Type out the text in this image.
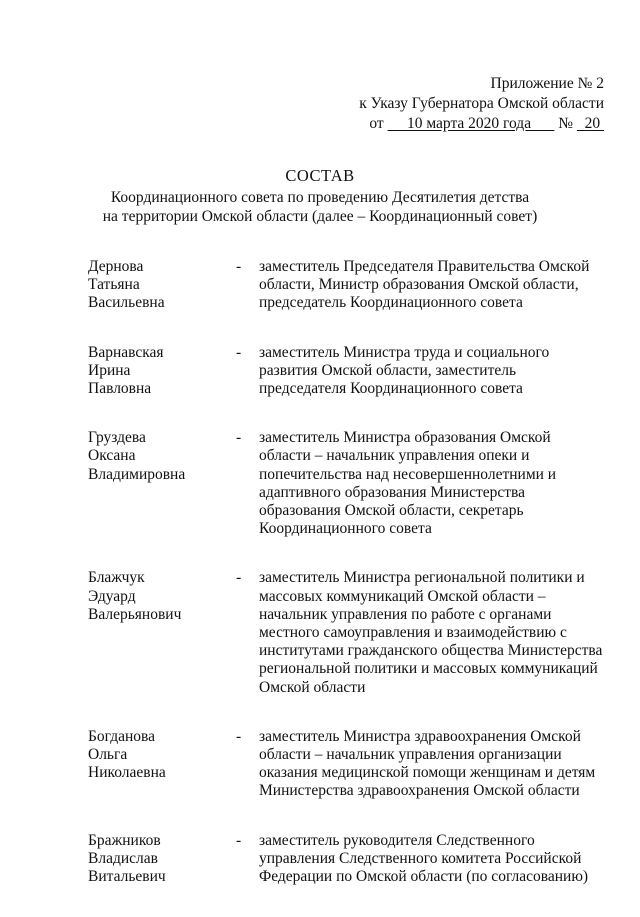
Приложение № 2
к Указу Губернатора Омской области
от 10 марта 2020 года № 20
СОСТАВ
Координационного совета по проведению Десятилетия детства
на территории Омской области (далее – Координационный совет)
Дернова
Татьяна
Васильевна
- заместитель Председателя Правительства Омской области, Министр образования Омской области, председатель Координационного совета
Варнавская
Ирина
Павловна
- заместитель Министра труда и социального развития Омской области, заместитель председателя Координационного совета
Груздева
Оксана
Владимировна
- заместитель Министра образования Омской области – начальник управления опеки и попечительства над несовершеннолетними и адаптивного образования Министерства образования Омской области, секретарь Координационного совета
Блажчук
Эдуард
Валерьянович
- заместитель Министра региональной политики и массовых коммуникаций Омской области – начальник управления по работе с органами местного самоуправления и взаимодействию с институтами гражданского общества Министерства региональной политики и массовых коммуникаций Омской области
Богданова
Ольга
Николаевна
- заместитель Министра здравоохранения Омской области – начальник управления организации оказания медицинской помощи женщинам и детям Министерства здравоохранения Омской области
Бражников
Владислав
Витальевич
- заместитель руководителя Следственного управления Следственного комитета Российской Федерации по Омской области (по согласованию)
